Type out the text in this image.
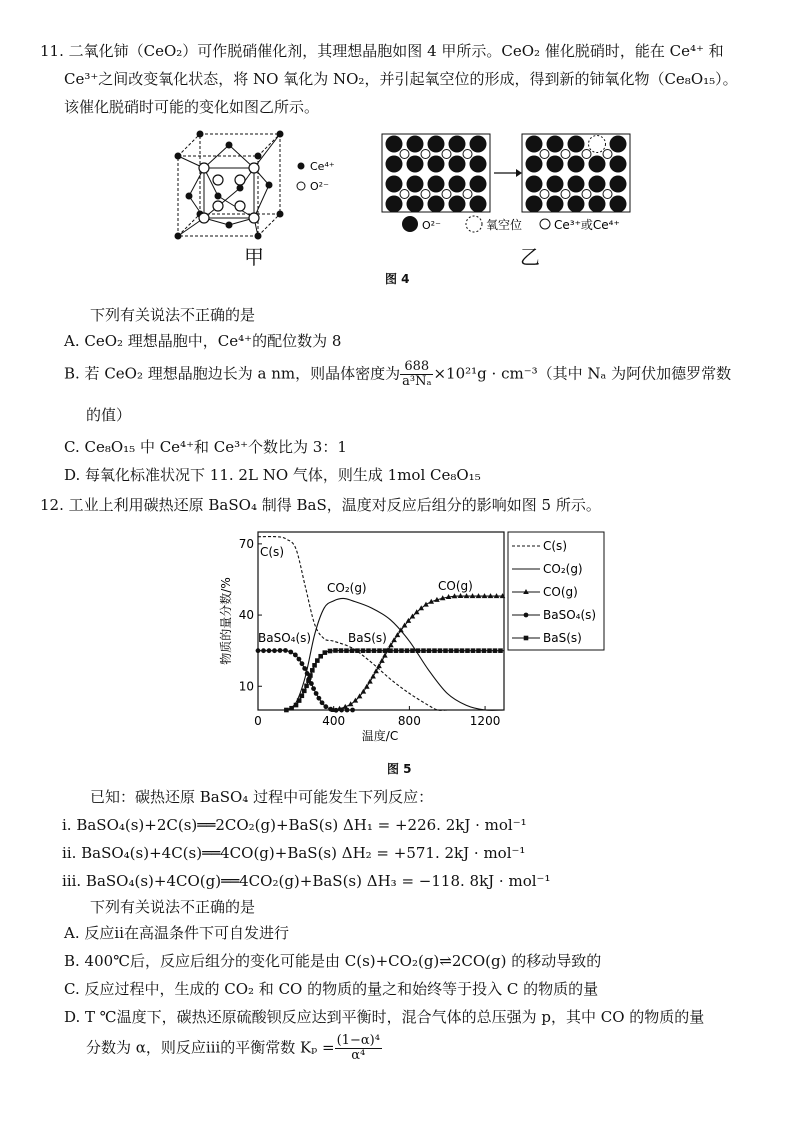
11. 二氧化铈（CeO₂）可作脱硝催化剂，其理想晶胞如图 4 甲所示。CeO₂ 催化脱硝时，能在 Ce⁴⁺ 和
Ce³⁺之间改变氧化状态，将 NO 氧化为 NO₂，并引起氧空位的形成，得到新的铈氧化物（Ce₈O₁₅）。
该催化脱硝时可能的变化如图乙所示。
Ce⁴⁺
O²⁻
甲
O²⁻	氧空位	Ce³⁺或Ce⁴⁺
乙
图 4
下列有关说法不正确的是
A. CeO₂ 理想晶胞中，Ce⁴⁺的配位数为 8
B. 若 CeO₂ 理想晶胞边长为 a nm，则晶体密度为 $\frac{688}{\text{a³Nₐ}} \times 10^{21}g \cdot cm^{-3}$（其中 Nₐ 为阿伏加德罗常数
的值）
C. Ce₈O₁₅ 中 Ce⁴⁺和 Ce³⁺个数比为 3：1
D. 每氧化标准状况下 11. 2L NO 气体，则生成 1mol Ce₈O₁₅
12. 工业上利用碳热还原 BaSO₄ 制得 BaS，温度对反应后组分的影响如图 5 所示。
0	400	800	1200
10
40
70
C(s)
CO₂(g)	CO(g)
BaSO₄(s)	BaS(s)
物质的量分数/%
温度/C
C(s)
CO₂(g)
CO(g)
BaSO₄(s)
BaS(s)
图 5
已知：碳热还原 BaSO₄ 过程中可能发生下列反应：
ⅰ. BaSO₄(s)+2C(s)══2CO₂(g)+BaS(s) ΔH₁ = +226. 2kJ · mol⁻¹
ⅱ. BaSO₄(s)+4C(s)══4CO(g)+BaS(s) ΔH₂ = +571. 2kJ · mol⁻¹
ⅲ. BaSO₄(s)+4CO(g)══4CO₂(g)+BaS(s) ΔH₃ = −118. 8kJ · mol⁻¹
下列有关说法不正确的是
A. 反应ⅱ在高温条件下可自发进行
B. 400℃后，反应后组分的变化可能是由 C(s)+CO₂(g)⇌2CO(g) 的移动导致的
C. 反应过程中，生成的 CO₂ 和 CO 的物质的量之和始终等于投入 C 的物质的量
D. T ℃温度下，碳热还原硫酸钡反应达到平衡时，混合气体的总压强为 p，其中 CO 的物质的量
分数为 α，则反应ⅲ的平衡常数 $K_p = \frac{\text{(1−α)⁴}}{\text{α⁴}}$
